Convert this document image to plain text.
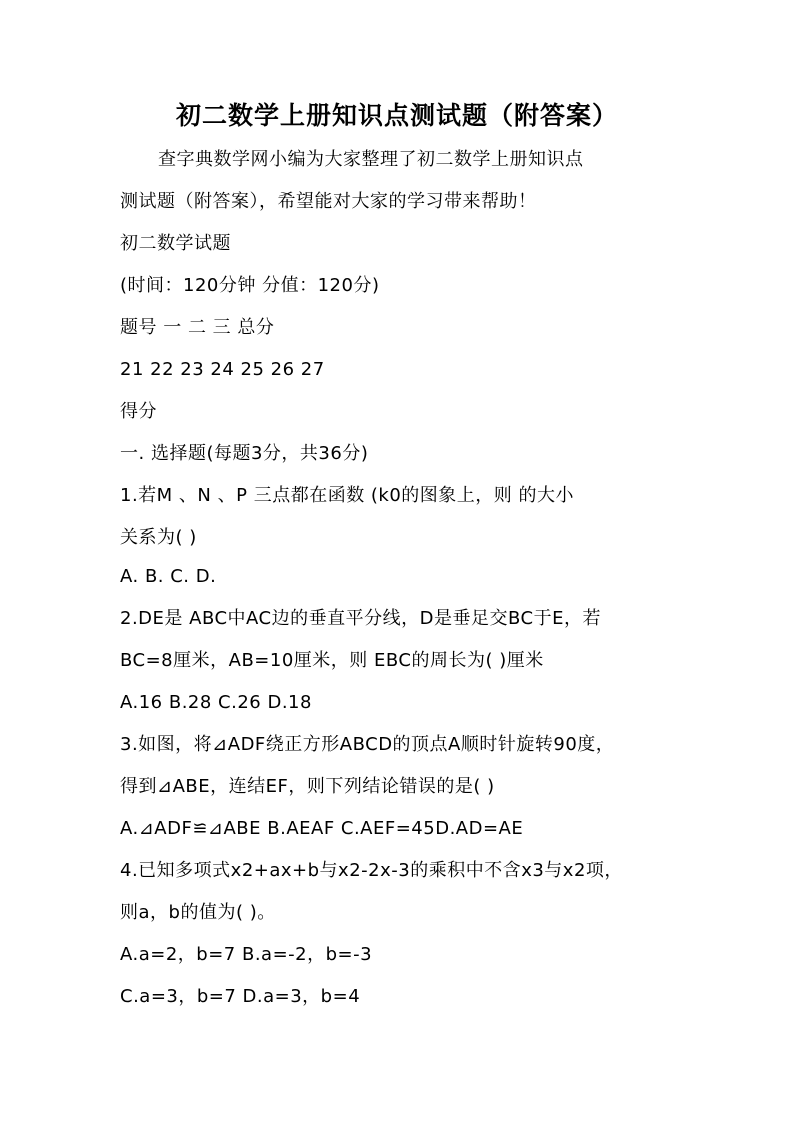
初二数学上册知识点测试题（附答案）
查字典数学网小编为大家整理了初二数学上册知识点
测试题（附答案），希望能对大家的学习带来帮助！
初二数学试题
(时间：120分钟 分值：120分)
题号 一 二 三 总分
21 22 23 24 25 26 27
得分
一. 选择题(每题3分，共36分)
1.若M 、N 、P 三点都在函数 (k0的图象上，则 的大小
关系为( )
A. B. C. D.
2.DE是 ABC中AC边的垂直平分线，D是垂足交BC于E，若
BC=8厘米，AB=10厘米，则 EBC的周长为( )厘米
A.16 B.28 C.26 D.18
3.如图，将⊿ADF绕正方形ABCD的顶点A顺时针旋转90度，
得到⊿ABE，连结EF，则下列结论错误的是( )
A.⊿ADF≌⊿ABE B.AEAF C.AEF=45D.AD=AE
4.已知多项式x2+ax+b与x2-2x-3的乘积中不含x3与x2项，
则a，b的值为( )。
A.a=2，b=7 B.a=-2，b=-3
C.a=3，b=7 D.a=3，b=4
